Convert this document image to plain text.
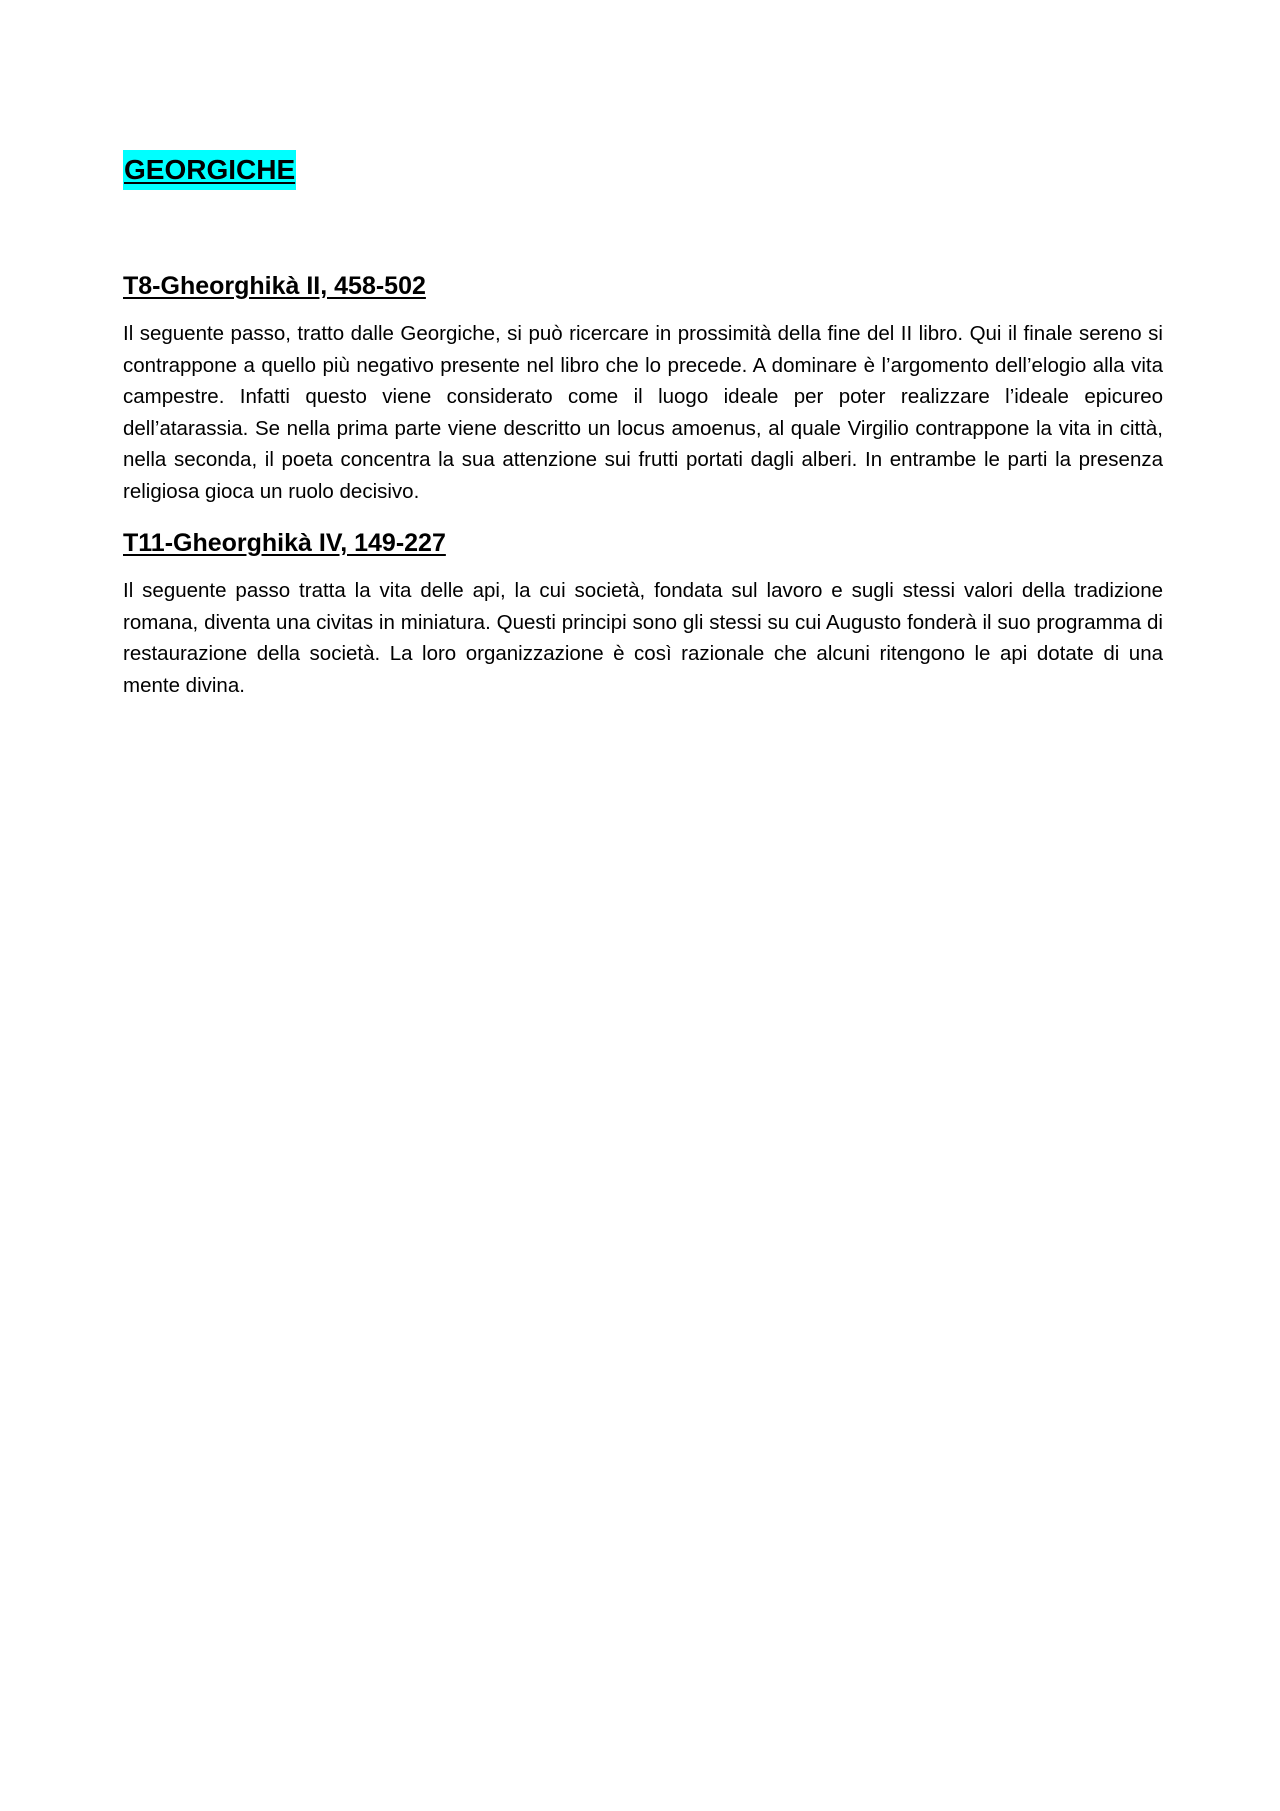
GEORGICHE
T8-Gheorghikà II, 458-502

Il seguente passo, tratto dalle Georgiche, si può ricercare in prossimità della fine del II libro. Qui il finale sereno si contrappone a quello più negativo presente nel libro che lo precede. A dominare è l’argomento dell’elogio alla vita campestre. Infatti questo viene considerato come il luogo ideale per poter realizzare l’ideale epicureo dell’atarassia. Se nella prima parte viene descritto un locus amoenus, al quale Virgilio contrappone la vita in città, nella seconda, il poeta concentra la sua attenzione sui frutti portati dagli alberi. In entrambe le parti la presenza religiosa gioca un ruolo decisivo.

T11-Gheorghikà IV, 149-227

Il seguente passo tratta la vita delle api, la cui società, fondata sul lavoro e sugli stessi valori della tradizione romana, diventa una civitas in miniatura. Questi principi sono gli stessi su cui Augusto fonderà il suo programma di restaurazione della società. La loro organizzazione è così razionale che alcuni ritengono le api dotate di una mente divina.
